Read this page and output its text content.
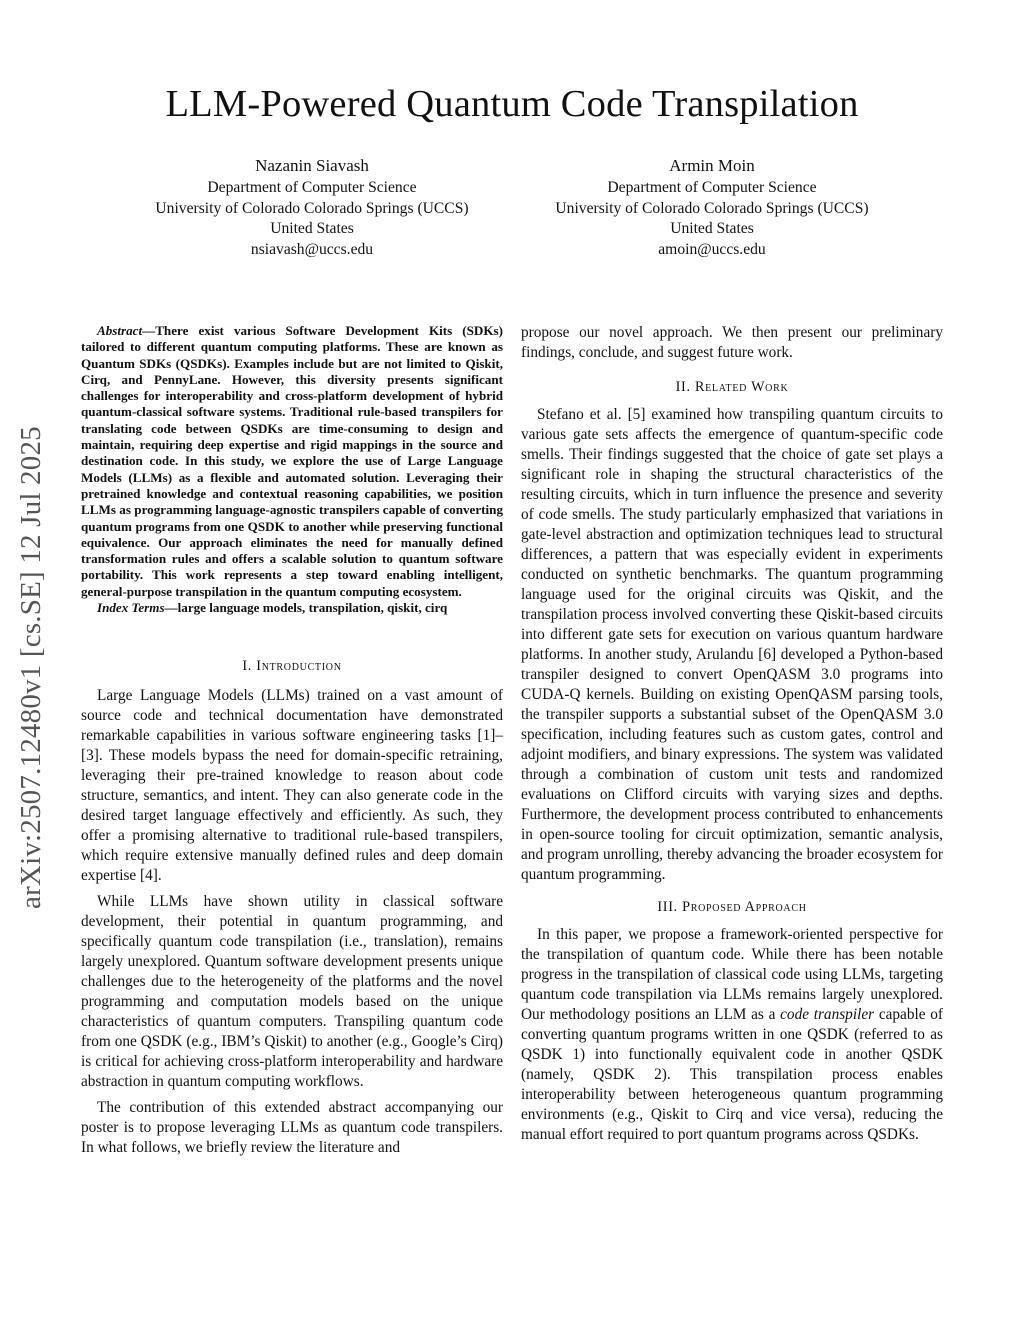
arXiv:2507.12480v1 [cs.SE] 12 Jul 2025
LLM-Powered Quantum Code Transpilation
Nazanin Siavash
Department of Computer Science
University of Colorado Colorado Springs (UCCS)
United States
nsiavash@uccs.edu
Armin Moin
Department of Computer Science
University of Colorado Colorado Springs (UCCS)
United States
amoin@uccs.edu

Abstract—There exist various Software Development Kits (SDKs) tailored to different quantum computing platforms. These are known as Quantum SDKs (QSDKs). Examples include but are not limited to Qiskit, Cirq, and PennyLane. However, this diversity presents significant challenges for interoperability and cross-platform development of hybrid quantum-classical software systems. Traditional rule-based transpilers for translating code between QSDKs are time-consuming to design and maintain, requiring deep expertise and rigid mappings in the source and destination code. In this study, we explore the use of Large Language Models (LLMs) as a flexible and automated solution. Leveraging their pretrained knowledge and contextual reasoning capabilities, we position LLMs as programming language-agnostic transpilers capable of converting quantum programs from one QSDK to another while preserving functional equivalence. Our approach eliminates the need for manually defined transformation rules and offers a scalable solution to quantum software portability. This work represents a step toward enabling intelligent, general-purpose transpilation in the quantum computing ecosystem.

Index Terms—large language models, transpilation, qiskit, cirq

I. Introduction

Large Language Models (LLMs) trained on a vast amount of source code and technical documentation have demonstrated remarkable capabilities in various software engineering tasks [1]–[3]. These models bypass the need for domain-specific retraining, leveraging their pre-trained knowledge to reason about code structure, semantics, and intent. They can also generate code in the desired target language effectively and efficiently. As such, they offer a promising alternative to traditional rule-based transpilers, which require extensive manually defined rules and deep domain expertise [4].

While LLMs have shown utility in classical software development, their potential in quantum programming, and specifically quantum code transpilation (i.e., translation), remains largely unexplored. Quantum software development presents unique challenges due to the heterogeneity of the platforms and the novel programming and computation models based on the unique characteristics of quantum computers. Transpiling quantum code from one QSDK (e.g., IBM’s Qiskit) to another (e.g., Google’s Cirq) is critical for achieving cross-platform interoperability and hardware abstraction in quantum computing workflows.

The contribution of this extended abstract accompanying our poster is to propose leveraging LLMs as quantum code transpilers. In what follows, we briefly review the literature and

propose our novel approach. We then present our preliminary findings, conclude, and suggest future work.

II. Related Work

Stefano et al. [5] examined how transpiling quantum circuits to various gate sets affects the emergence of quantum-specific code smells. Their findings suggested that the choice of gate set plays a significant role in shaping the structural characteristics of the resulting circuits, which in turn influence the presence and severity of code smells. The study particularly emphasized that variations in gate-level abstraction and optimization techniques lead to structural differences, a pattern that was especially evident in experiments conducted on synthetic benchmarks. The quantum programming language used for the original circuits was Qiskit, and the transpilation process involved converting these Qiskit-based circuits into different gate sets for execution on various quantum hardware platforms. In another study, Arulandu [6] developed a Python-based transpiler designed to convert OpenQASM 3.0 programs into CUDA-Q kernels. Building on existing OpenQASM parsing tools, the transpiler supports a substantial subset of the OpenQASM 3.0 specification, including features such as custom gates, control and adjoint modifiers, and binary expressions. The system was validated through a combination of custom unit tests and randomized evaluations on Clifford circuits with varying sizes and depths. Furthermore, the development process contributed to enhancements in open-source tooling for circuit optimization, semantic analysis, and program unrolling, thereby advancing the broader ecosystem for quantum programming.

III. Proposed Approach

In this paper, we propose a framework-oriented perspective for the transpilation of quantum code. While there has been notable progress in the transpilation of classical code using LLMs, targeting quantum code transpilation via LLMs remains largely unexplored. Our methodology positions an LLM as a code transpiler capable of converting quantum programs written in one QSDK (referred to as QSDK 1) into functionally equivalent code in another QSDK (namely, QSDK 2). This transpilation process enables interoperability between heterogeneous quantum programming environments (e.g., Qiskit to Cirq and vice versa), reducing the manual effort required to port quantum programs across QSDKs.
